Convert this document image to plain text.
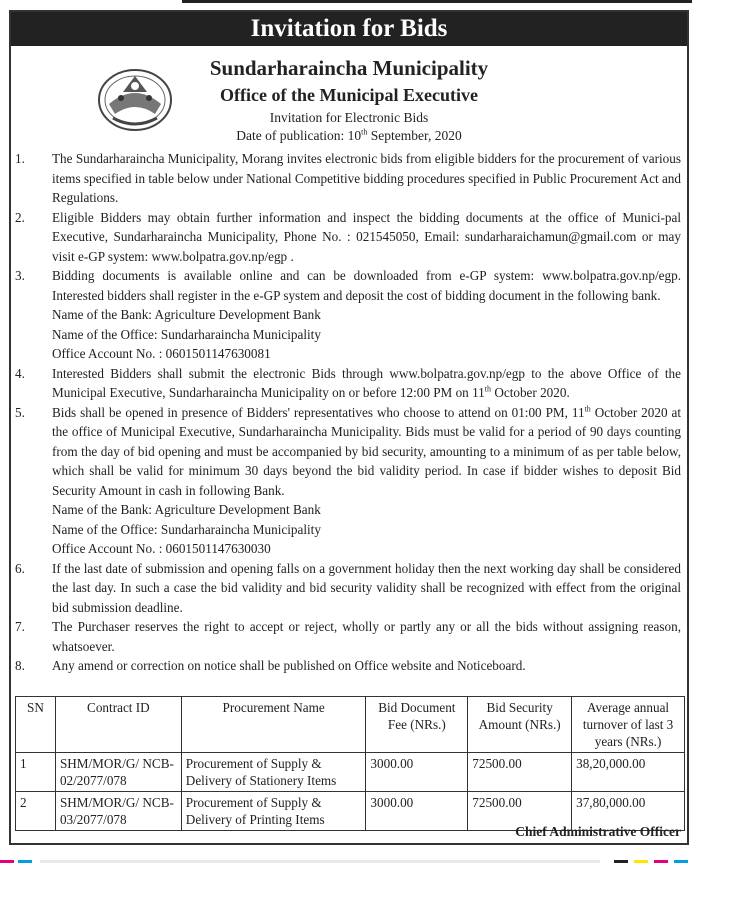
Invitation for Bids
Sundarharaincha Municipality
Office of the Municipal Executive
Invitation for Electronic Bids
Date of publication: 10th September, 2020
1. The Sundarharaincha Municipality, Morang invites electronic bids from eligible bidders for the procurement of various items specified in table below under National Competitive bidding procedures specified in Public Procurement Act and Regulations.
2. Eligible Bidders may obtain further information and inspect the bidding documents at the office of Munici-pal Executive, Sundarharaincha Municipality, Phone No. : 021545050, Email: sundarharaichamun@gmail.com or may visit e-GP system: www.bolpatra.gov.np/egp .
3. Bidding documents is available online and can be downloaded from e-GP system: www.bolpatra.gov.np/egp. Interested bidders shall register in the e-GP system and deposit the cost of bidding document in the following bank.
Name of the Bank: Agriculture Development Bank
Name of the Office: Sundarharaincha Municipality
Office Account No. : 0601501147630081
4. Interested Bidders shall submit the electronic Bids through www.bolpatra.gov.np/egp to the above Office of the Municipal Executive, Sundarharaincha Municipality on or before 12:00 PM on 11th October 2020.
5. Bids shall be opened in presence of Bidders' representatives who choose to attend on 01:00 PM, 11th October 2020 at the office of Municipal Executive, Sundarharaincha Municipality. Bids must be valid for a period of 90 days counting from the day of bid opening and must be accompanied by bid security, amounting to a minimum of as per table below, which shall be valid for minimum 30 days beyond the bid validity period. In case if bidder wishes to deposit Bid Security Amount in cash in following Bank.
Name of the Bank: Agriculture Development Bank
Name of the Office: Sundarharaincha Municipality
Office Account No. : 0601501147630030
6. If the last date of submission and opening falls on a government holiday then the next working day shall be considered the last day. In such a case the bid validity and bid security validity shall be recognized with effect from the original bid submission deadline.
7. The Purchaser reserves the right to accept or reject, wholly or partly any or all the bids without assigning reason, whatsoever.
8. Any amend or correction on notice shall be published on Office website and Noticeboard.
SN	Contract ID	Procurement Name	Bid Document Fee (NRs.)	Bid Security Amount (NRs.)	Average annual turnover of last 3 years (NRs.)
1	SHM/MOR/G/ NCB-02/2077/078	Procurement of Supply & Delivery of Stationery Items	3000.00	72500.00	38,20,000.00
2	SHM/MOR/G/ NCB-03/2077/078	Procurement of Supply & Delivery of Printing Items	3000.00	72500.00	37,80,000.00
Chief Administrative Officer
